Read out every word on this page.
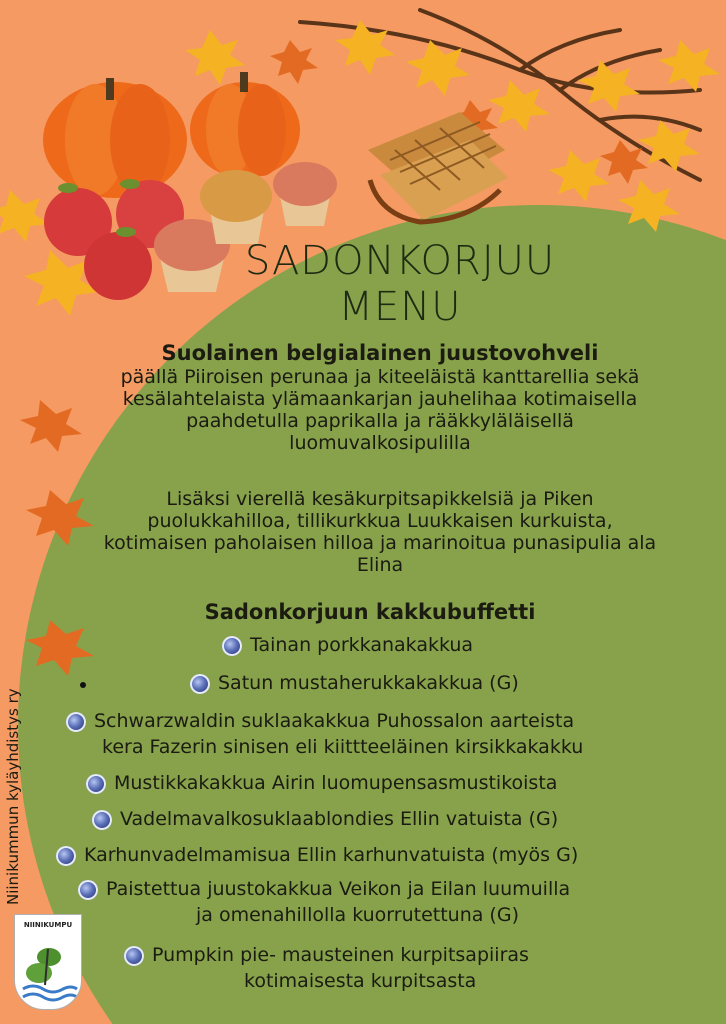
SADONKORJUU
MENU
Suolainen belgialainen juustovohveli
päällä Piiroisen perunaa ja kiteeläistä kanttarellia sekä
kesälahtelaista ylämaankarjan jauhelihaa kotimaisella
paahdetulla paprikalla ja rääkkyläläisellä
luomuvalkosipulilla
Lisäksi vierellä kesäkurpitsapikkelsiä ja Piken
puolukkahilloa, tillikurkkua Luukkaisen kurkuista,
kotimaisen paholaisen hilloa ja marinoitua punasipulia ala
Elina
Sadonkorjuun kakkubuffetti
Tainan porkkanakakkua
Satun mustaherukkakakkua (G)
Schwarzwaldin suklaakakkua Puhossalon aarteista
kera Fazerin sinisen eli kiittteeläinen kirsikkakakku
Mustikkakakkua Airin luomupensasmustikoista
Vadelmavalkosuklaablondies Ellin vatuista (G)
Karhunvadelmamisua Ellin karhunvatuista (myös G)
Paistettua juustokakkua Veikon ja Eilan luumuilla
ja omenahillolla kuorrutettuna (G)
Pumpkin pie- mausteinen kurpitsapiiras
kotimaisesta kurpitsasta
Niinikummun kyläyhdistys ry
NIINIKUMPU
